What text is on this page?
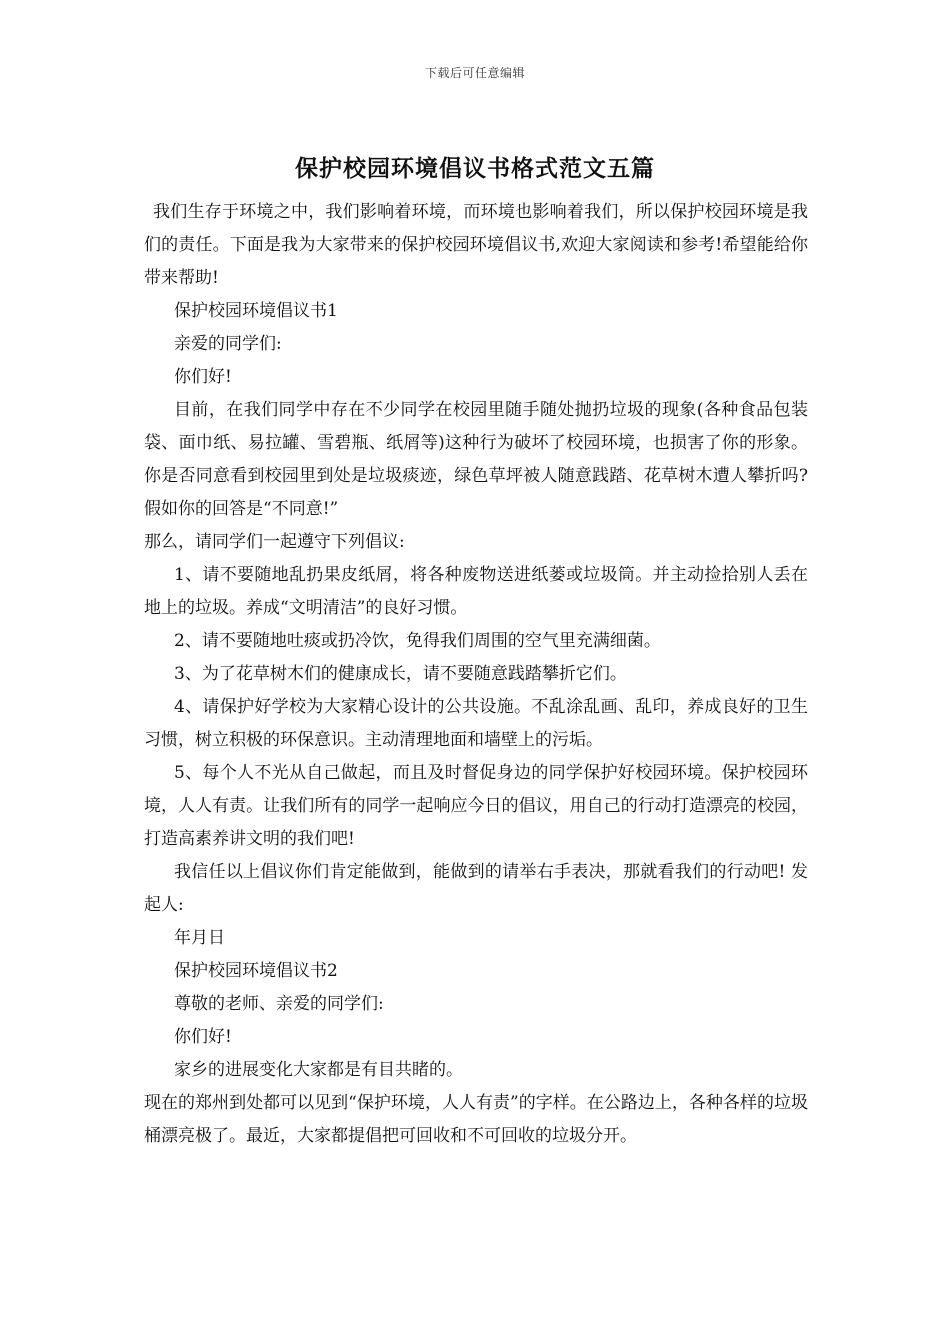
下载后可任意编辑
保护校园环境倡议书格式范文五篇

我们生存于环境之中，我们影响着环境，而环境也影响着我们，所以保护校园环境是我们的责任。下面是我为大家带来的保护校园环境倡议书,欢迎大家阅读和参考!希望能给你带来帮助!

保护校园环境倡议书1

亲爱的同学们:

你们好!

目前，在我们同学中存在不少同学在校园里随手随处抛扔垃圾的现象(各种食品包装袋、面巾纸、易拉罐、雪碧瓶、纸屑等)这种行为破坏了校园环境，也损害了你的形象。你是否同意看到校园里到处是垃圾痰迹，绿色草坪被人随意践踏、花草树木遭人攀折吗?假如你的回答是“不同意!”

那么，请同学们一起遵守下列倡议:

1、请不要随地乱扔果皮纸屑，将各种废物送进纸蒌或垃圾筒。并主动捡拾别人丢在地上的垃圾。养成“文明清洁”的良好习惯。

2、请不要随地吐痰或扔冷饮，免得我们周围的空气里充满细菌。

3、为了花草树木们的健康成长，请不要随意践踏攀折它们。

4、请保护好学校为大家精心设计的公共设施。不乱涂乱画、乱印，养成良好的卫生习惯，树立积极的环保意识。主动清理地面和墙壁上的污垢。

5、每个人不光从自己做起，而且及时督促身边的同学保护好校园环境。保护校园环境，人人有责。让我们所有的同学一起响应今日的倡议，用自己的行动打造漂亮的校园，打造高素养讲文明的我们吧!

我信任以上倡议你们肯定能做到，能做到的请举右手表决，那就看我们的行动吧! 发起人:

年月日

保护校园环境倡议书2

尊敬的老师、亲爱的同学们:

你们好!

家乡的进展变化大家都是有目共睹的。

现在的郑州到处都可以见到“保护环境，人人有责”的字样。在公路边上，各种各样的垃圾桶漂亮极了。最近，大家都提倡把可回收和不可回收的垃圾分开。
